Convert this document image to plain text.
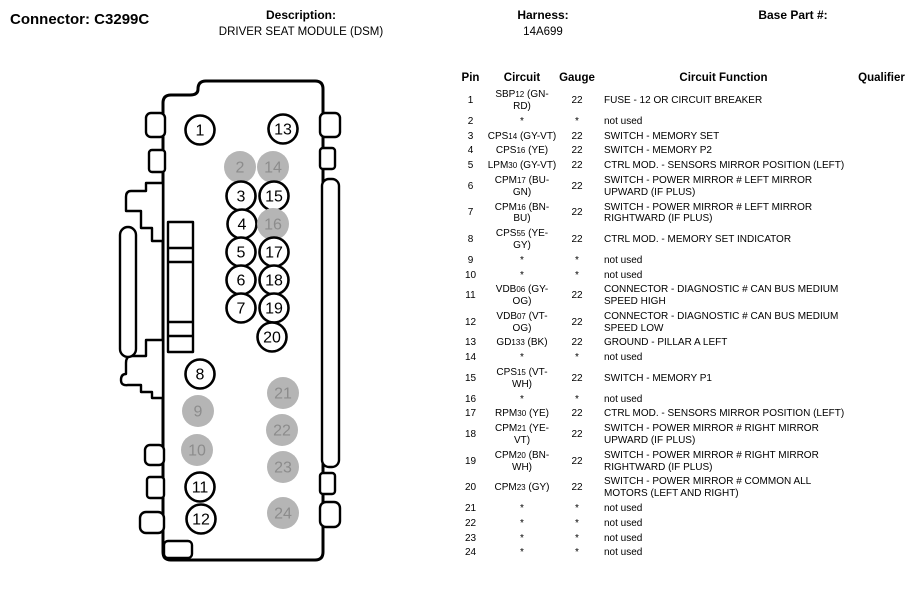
Connector: C3299C	Description:
DRIVER SEAT MODULE (DSM)
Harness:
14A699
Base Part #:
1
2
3
4
5
6
7
8
9
10
11
12
13
14
15
16
17
18
19
20
21
22
23
24
Pin	Circuit	Gauge	Circuit Function	Qualifier
1	SBP12 (GN-RD)	22	FUSE - 12 OR CIRCUIT BREAKER	
2	*	*	not used	
3	CPS14 (GY-VT)	22	SWITCH - MEMORY SET	
4	CPS16 (YE)	22	SWITCH - MEMORY P2	
5	LPM30 (GY-VT)	22	CTRL MOD. - SENSORS MIRROR POSITION (LEFT)	
6	CPM17 (BU-GN)	22	SWITCH - POWER MIRROR # LEFT MIRROR UPWARD (IF PLUS)	
7	CPM16 (BN-BU)	22	SWITCH - POWER MIRROR # LEFT MIRROR RIGHTWARD (IF PLUS)	
8	CPS55 (YE-GY)	22	CTRL MOD. - MEMORY SET INDICATOR	
9	*	*	not used	
10	*	*	not used	
11	VDB06 (GY-OG)	22	CONNECTOR - DIAGNOSTIC # CAN BUS MEDIUM SPEED HIGH	
12	VDB07 (VT-OG)	22	CONNECTOR - DIAGNOSTIC # CAN BUS MEDIUM SPEED LOW	
13	GD133 (BK)	22	GROUND - PILLAR A LEFT	
14	*	*	not used	
15	CPS15 (VT-WH)	22	SWITCH - MEMORY P1	
16	*	*	not used	
17	RPM30 (YE)	22	CTRL MOD. - SENSORS MIRROR POSITION (LEFT)	
18	CPM21 (YE-VT)	22	SWITCH - POWER MIRROR # RIGHT MIRROR UPWARD (IF PLUS)	
19	CPM20 (BN-WH)	22	SWITCH - POWER MIRROR # RIGHT MIRROR RIGHTWARD (IF PLUS)	
20	CPM23 (GY)	22	SWITCH - POWER MIRROR # COMMON ALL MOTORS (LEFT AND RIGHT)	
21	*	*	not used	
22	*	*	not used	
23	*	*	not used	
24	*	*	not used	
